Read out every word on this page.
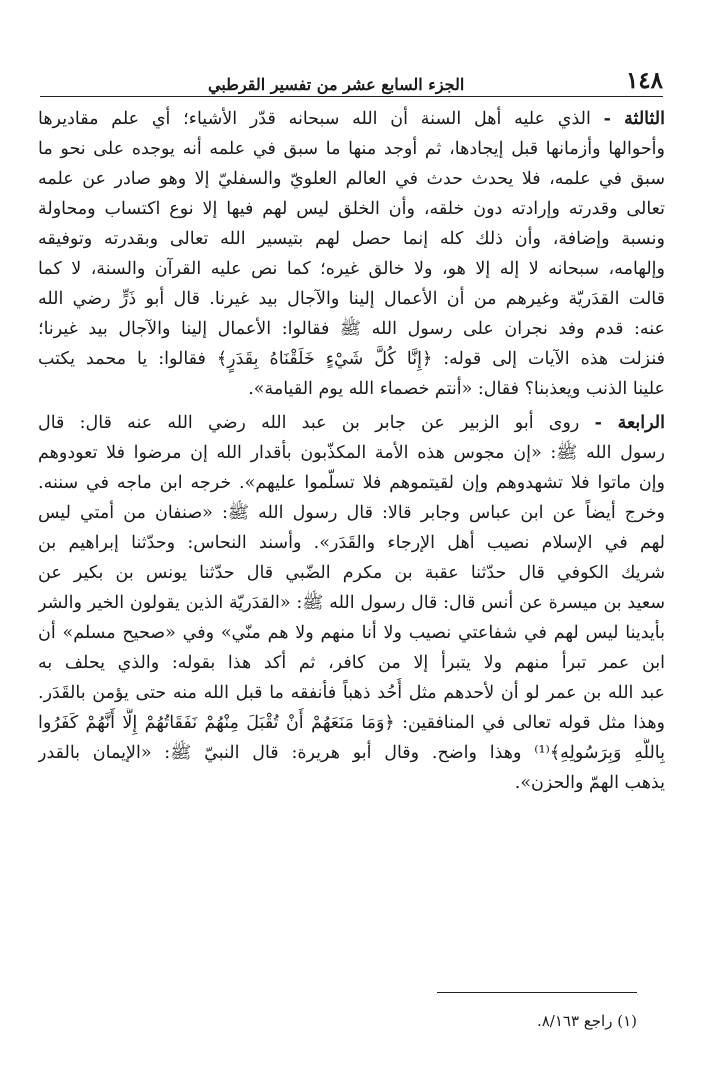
١٤٨
الجزء السابع عشر من تفسير القرطبي
الثالثة - الذي عليه أهل السنة أن الله سبحانه قدّر الأشياء؛ أي علم مقاديرها
وأحوالها وأزمانها قبل إيجادها، ثم أوجد منها ما سبق في علمه أنه يوجده على نحو ما
سبق في علمه، فلا يحدث حدث في العالم العلويّ والسفليّ إلا وهو صادر عن علمه
تعالى وقدرته وإرادته دون خلقه، وأن الخلق ليس لهم فيها إلا نوع اكتساب ومحاولة
ونسبة وإضافة، وأن ذلك كله إنما حصل لهم بتيسير الله تعالى وبقدرته وتوفيقه
وإلهامه، سبحانه لا إله إلا هو، ولا خالق غيره؛ كما نص عليه القرآن والسنة، لا كما
قالت القدَريّة وغيرهم من أن الأعمال إلينا والآجال بيد غيرنا. قال أبو ذَرٍّ رضي الله
عنه: قدم وفد نجران على رسول الله ﷺ فقالوا: الأعمال إلينا والآجال بيد غيرنا؛
فنزلت هذه الآيات إلى قوله: ﴿إِنَّا كُلَّ شَيْءٍ خَلَقْنَاهُ بِقَدَرٍ﴾ فقالوا: يا محمد يكتب
علينا الذنب ويعذبنا؟ فقال: «أنتم خصماء الله يوم القيامة».
الرابعة - روى أبو الزبير عن جابر بن عبد الله رضي الله عنه قال: قال
رسول الله ﷺ: «إن مجوس هذه الأمة المكذّبون بأقدار الله إن مرضوا فلا تعودوهم
وإن ماتوا فلا تشهدوهم وإن لقيتموهم فلا تسلّموا عليهم». خرجه ابن ماجه في سننه.
وخرج أيضاً عن ابن عباس وجابر قالا: قال رسول الله ﷺ: «صنفان من أمتي ليس
لهم في الإسلام نصيب أهل الإرجاء والقَدَر». وأسند النحاس: وحدّثنا إبراهيم بن
شريك الكوفي قال حدّثنا عقبة بن مكرم الضّبي قال حدّثنا يونس بن بكير عن
سعيد بن ميسرة عن أنس قال: قال رسول الله ﷺ: «القدَريّة الذين يقولون الخير والشر
بأيدينا ليس لهم في شفاعتي نصيب ولا أنا منهم ولا هم منّي» وفي «صحيح مسلم» أن
ابن عمر تبرأ منهم ولا يتبرأ إلا من كافر، ثم أكد هذا بقوله: والذي يحلف به
عبد الله بن عمر لو أن لأحدهم مثل أُحُد ذهباً فأنفقه ما قبل الله منه حتى يؤمن بالقَدَر.
وهذا مثل قوله تعالى في المنافقين: ﴿وَمَا مَنَعَهُمْ أَنْ تُقْبَلَ مِنْهُمْ نَفَقَاتُهُمْ إِلَّا أَنَّهُمْ كَفَرُوا
بِاللَّهِ وَبِرَسُولِهِ﴾⁽¹⁾ وهذا واضح. وقال أبو هريرة: قال النبيّ ﷺ: «الإيمان بالقدر
يذهب الهمّ والحزن».
(١) راجع ٨/١٦٣.
